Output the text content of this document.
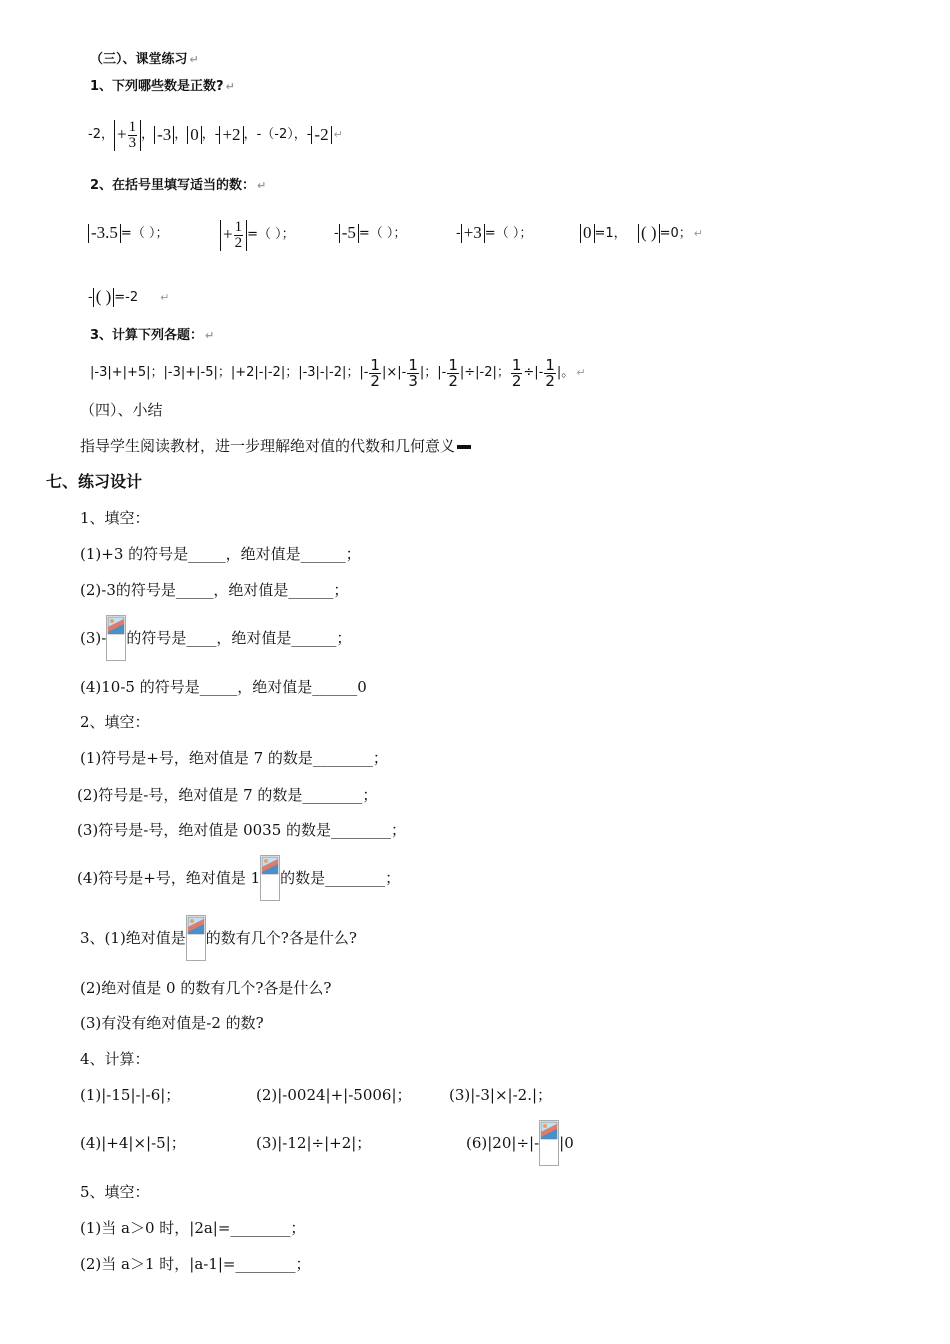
（三）、课堂练习 ↵
1、下列哪些数是正数? ↵
-2， + $\frac{1}{3}$ ， -3 ， 0 ，- +2 ，-（-2），- -2 ↵
2、在括号里填写适当的数： ↵
-3.5 =（ ）；	+ $\frac{1}{2}$ =（ ）；	- -5 =（ ）；	- +3 =（ ）；	0 =1， ( ) =0； ↵
- ( ) =-2 ↵
3、计算下列各题： ↵
|-3|+|+5|；|-3|+|-5|；|+2|-|-2|；|-3|-|-2|；|- $\frac{1}{2}$ |×|- $\frac{1}{3}$ |；|- $\frac{1}{2} |\div|-2|$； $\frac{1}{2}$ ÷|- $\frac{1}{2}$ |。 ↵
（四）、小结
指导学生阅读教材，进一步理解绝对值的代数和几何意义
七、练习设计
1、填空：
(1)+3 的符号是_____，绝对值是______；
(2)-3的符号是_____，绝对值是______；
(3)- 的符号是____，绝对值是______；
(4)10-5 的符号是_____，绝对值是______0
2、填空：
(1)符号是+号，绝对值是 7 的数是________；
(2)符号是-号，绝对值是 7 的数是________；
(3)符号是-号，绝对值是 0035 的数是________；
(4)符号是+号，绝对值是 1 的数是________；
3、(1)绝对值是 的数有几个?各是什么?
(2)绝对值是 0 的数有几个?各是什么?
(3)有没有绝对值是-2 的数?
4、计算：
(1)|-15|-|-6|；	(2)|-0024|+|-5006|； (3)|-3|×|-2.|；
(4)|+4|×|-5|；	(3)|-12|÷|+2|；	(6)|20|÷|- |0
5、填空：
(1)当 a＞0 时，|2a|=________；
(2)当 a＞1 时，|a-1|=________；
